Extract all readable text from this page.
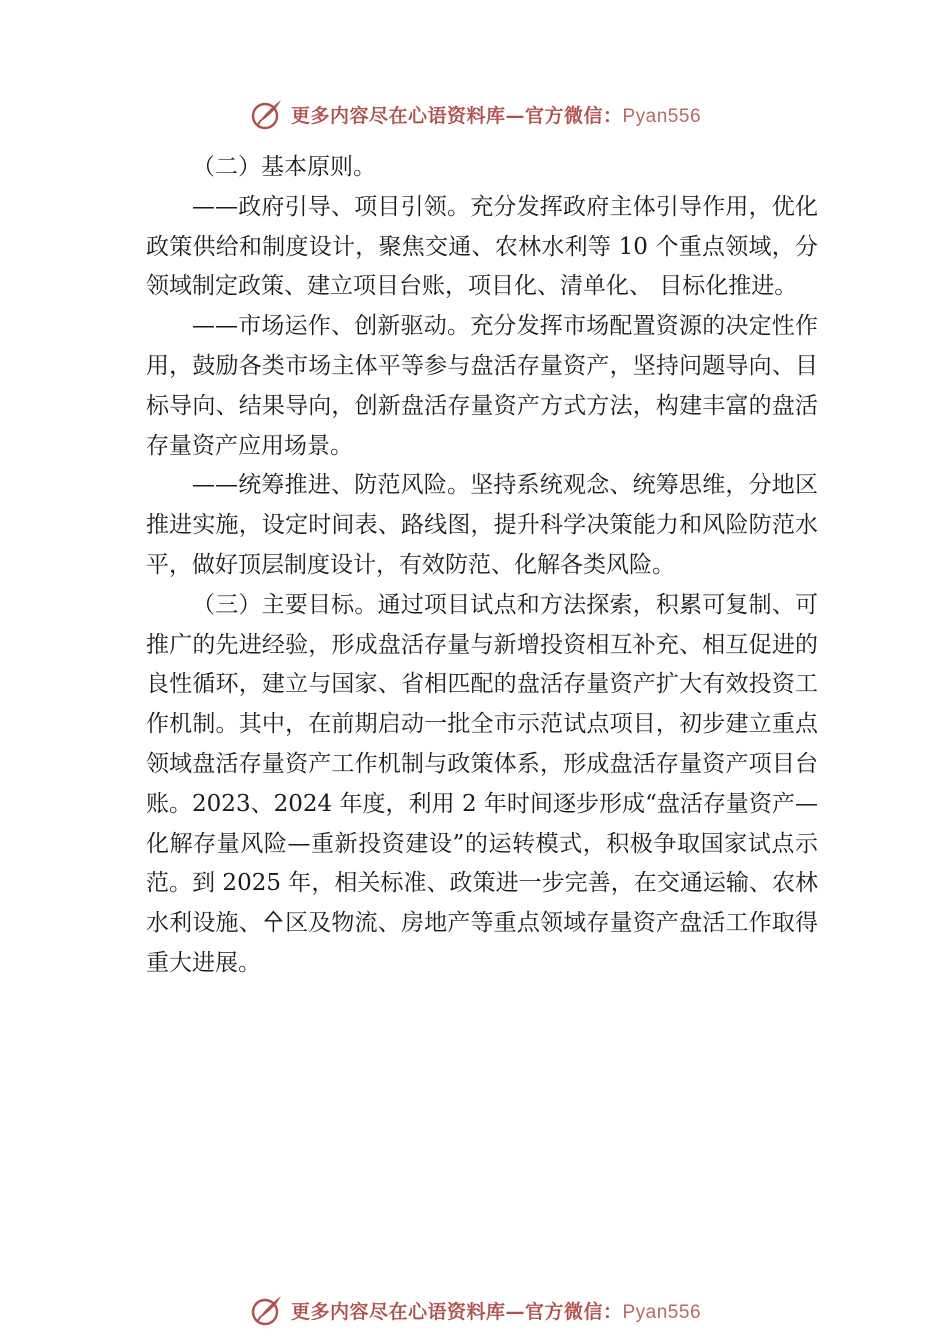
更多内容尽在心语资料库—官方微信：Pyan556

（二）基本原则。

——政府引导、项目引领。充分发挥政府主体引导作用，优化政策供给和制度设计，聚焦交通、农林水利等 10 个重点领域，分领域制定政策、建立项目台账，项目化、清单化、 目标化推进。

——市场运作、创新驱动。充分发挥市场配置资源的决定性作用，鼓励各类市场主体平等参与盘活存量资产，坚持问题导向、目标导向、结果导向，创新盘活存量资产方式方法，构建丰富的盘活存量资产应用场景。

——统筹推进、防范风险。坚持系统观念、统筹思维，分地区推进实施，设定时间表、路线图，提升科学决策能力和风险防范水平，做好顶层制度设计，有效防范、化解各类风险。

（三）主要目标。通过项目试点和方法探索，积累可复制、可推广的先进经验，形成盘活存量与新增投资相互补充、相互促进的良性循环，建立与国家、省相匹配的盘活存量资产扩大有效投资工作机制。其中，在前期启动一批全市示范试点项目，初步建立重点领域盘活存量资产工作机制与政策体系，形成盘活存量资产项目台账。2023、2024 年度，利用 2 年时间逐步形成“盘活存量资产—化解存量风险—重新投资建设”的运转模式，积极争取国家试点示范。到 2025 年，相关标准、政策进一步完善，在交通运输、农林水利设施、㐃区及物流、房地产等重点领域存量资产盘活工作取得重大进展。

更多内容尽在心语资料库—官方微信：Pyan556
